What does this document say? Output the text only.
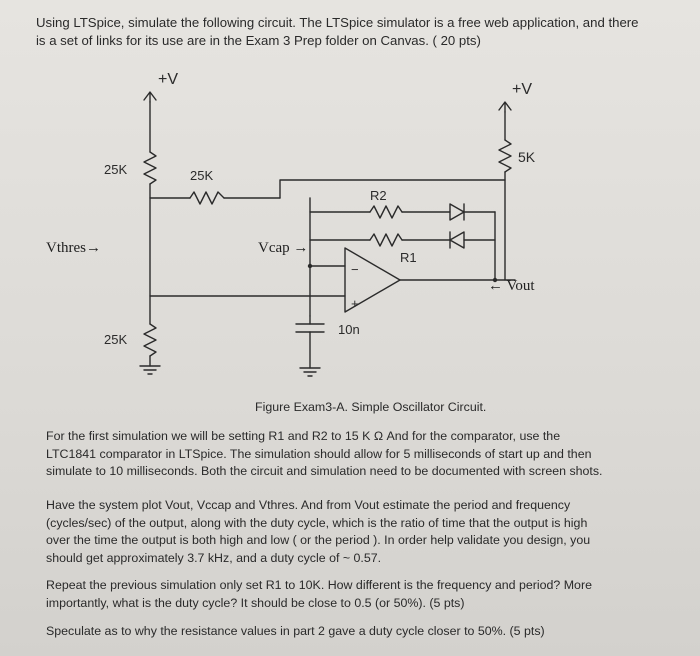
Using LTSpice, simulate the following circuit. The LTSpice simulator is a free web application, and there
is a set of links for its use are in the Exam 3 Prep folder on Canvas. ( 20 pts)
+V
+V
25K	25K
5K
R2
R1
25K
10n
−
+
Vthres→	Vcap →
← Vout
Figure Exam3-A. Simple Oscillator Circuit.
For the first simulation we will be setting R1 and R2 to 15 K Ω And for the comparator, use the
LTC1841 comparator in LTSpice. The simulation should allow for 5 milliseconds of start up and then
simulate to 10 milliseconds. Both the circuit and simulation need to be documented with screen shots.
Have the system plot Vout, Vccap and Vthres. And from Vout estimate the period and frequency
(cycles/sec) of the output, along with the duty cycle, which is the ratio of time that the output is high
over the time the output is both high and low ( or the period ). In order help validate you design, you
should get approximately 3.7 kHz, and a duty cycle of ~ 0.57.
Repeat the previous simulation only set R1 to 10K. How different is the frequency and period? More
importantly, what is the duty cycle? It should be close to 0.5 (or 50%). (5 pts)
Speculate as to why the resistance values in part 2 gave a duty cycle closer to 50%. (5 pts)
